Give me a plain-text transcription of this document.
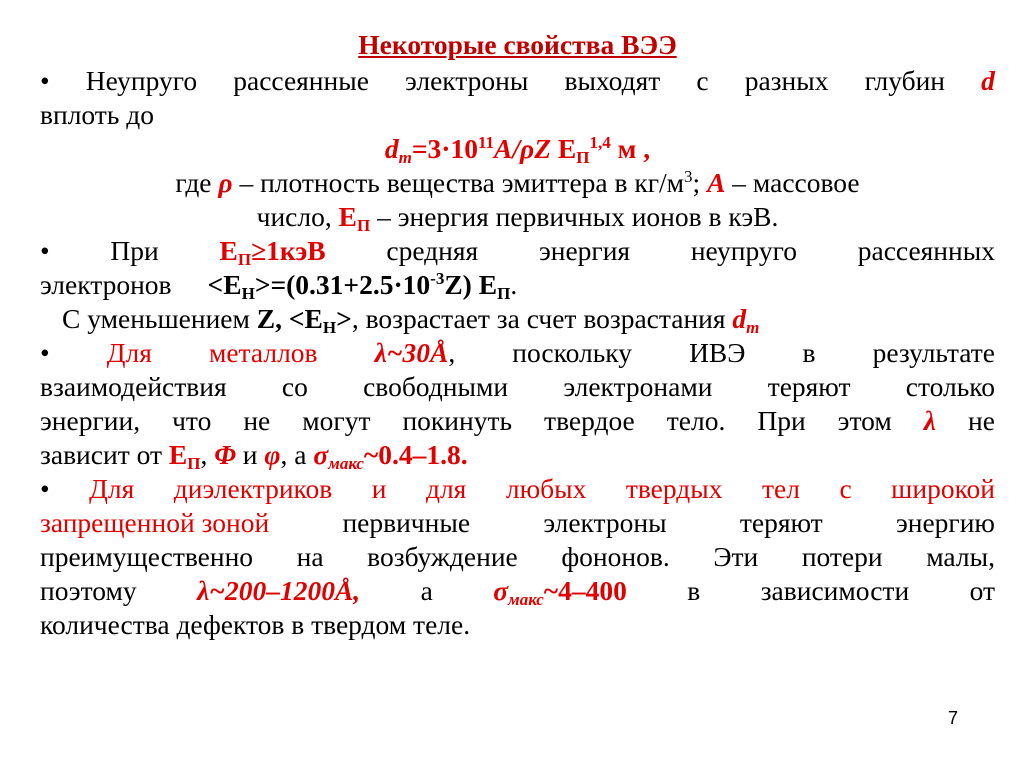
Некоторые свойства ВЭЭ
• Неупруго рассеянные электроны выходят с разных глубин d
вплоть до
$d_m=3\cdot 10^{11}A/\rho Z$ $E_П^{1,4}$ м ,
где ρ – плотность вещества эмиттера в $кг/м^3$; A – массовое
число, $E_П$ – энергия первичных ионов в кэВ.
• При $E_П\ge 1кэВ$ средняя энергия неупруго рассеянных
электронов $<E_H>=(0.31+2.5\cdot 10^{-3}Z)$ $E_П$.
С уменьшением Z, $<E_H>$, возрастает за счет возрастания $d_m$
• Для металлов λ~30Å, поскольку ИВЭ в результате
взаимодействия со свободными электронами теряют столько
энергии, что не могут покинуть твердое тело. При этом λ не
зависит от $E_П$, Φ и φ, а $\sigma_{макс}\sim 0.4-1.8$.
• Для диэлектриков и для любых твердых тел с широкой
запрещенной зоной	первичные	электроны	теряют	энергию
преимущественно на возбуждение фононов. Эти потери малы,
поэтому λ~200–1200Å, а $\sigma_{макс}\sim 4-400$ в зависимости от
количества дефектов в твердом теле.
7
